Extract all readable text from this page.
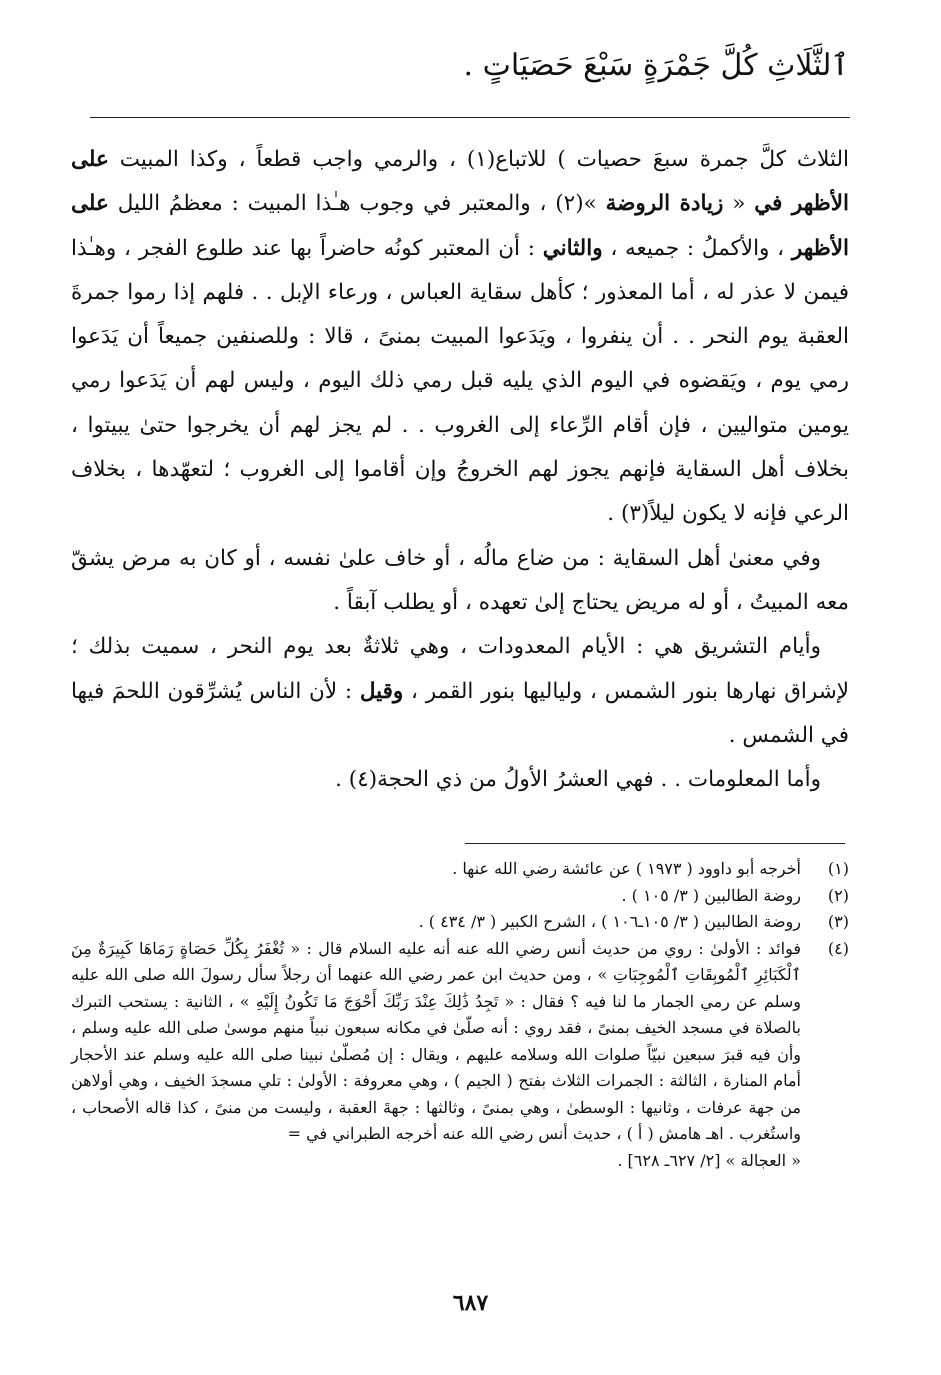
ٱلثَّلَاثِ كُلَّ جَمْرَةٍ سَبْعَ حَصَيَاتٍ .

الثلاث كلَّ جمرة سبعَ حصيات ) للاتباع(١) ، والرمي واجب قطعاً ، وكذا المبيت على الأظهر في « زيادة الروضة »(٢) ، والمعتبر في وجوب هـٰذا المبيت : معظمُ الليل على الأظهر ، والأكملُ : جميعه ، والثاني : أن المعتبر كونُه حاضراً بها عند طلوع الفجر ، وهـٰذا فيمن لا عذر له ، أما المعذور ؛ كأهل سقاية العباس ، ورعاء الإبل . . فلهم إذا رموا جمرةَ العقبة يوم النحر . . أن ينفروا ، ويَدَعوا المبيت بمنىً ، قالا : وللصنفين جميعاً أن يَدَعوا رمي يوم ، ويَقضوه في اليوم الذي يليه قبل رمي ذلك اليوم ، وليس لهم أن يَدَعوا رمي يومين متواليين ، فإن أقام الرِّعاء إلى الغروب . . لم يجز لهم أن يخرجوا حتىٰ يبيتوا ، بخلاف أهل السقاية فإنهم يجوز لهم الخروجُ وإن أقاموا إلى الغروب ؛ لتعهّدها ، بخلاف الرعي فإنه لا يكون ليلاً(٣) .

وفي معنىٰ أهل السقاية : من ضاع مالُه ، أو خاف علىٰ نفسه ، أو كان به مرض يشقّ معه المبيتُ ، أو له مريض يحتاج إلىٰ تعهده ، أو يطلب آبقاً .

وأيام التشريق هي : الأيام المعدودات ، وهي ثلاثةٌ بعد يوم النحر ، سميت بذلك ؛ لإشراق نهارها بنور الشمس ، ولياليها بنور القمر ، وقيل : لأن الناس يُشرِّقون اللحمَ فيها في الشمس .

وأما المعلومات . . فهي العشرُ الأولُ من ذي الحجة(٤) .

(١)
أخرجه أبو داوود ( ١٩٧٣ ) عن عائشة رضي الله عنها .
(٢)
روضة الطالبين ( ٣/ ١٠٥ ) .
(٣)
روضة الطالبين ( ٣/ ١٠٥ـ١٠٦ ) ، الشرح الكبير ( ٣/ ٤٣٤ ) .
(٤)
فوائد : الأولىٰ : روي من حديث أنس رضي الله عنه أنه عليه السلام قال : « تُغْفَرُ بِكُلِّ حَصَاةٍ رَمَاهَا كَبِيرَةٌ مِنَ ٱلْكَبَائِرِ ٱلْمُوبِقَاتِ ٱلْمُوجِبَاتِ » ، ومن حديث ابن عمر رضي الله عنهما أن رجلاً سأل رسولَ الله صلى الله عليه وسلم عن رمي الجمار ما لنا فيه ؟ فقال : « تَجِدُ ذَٰلِكَ عِنْدَ رَبِّكَ أَحْوَجَ مَا تَكُونُ إِلَيْهِ » ، الثانية : يستحب التبرك بالصلاة في مسجد الخيف بمنىً ، فقد روي : أنه صلّىٰ في مكانه سبعون نبياً منهم موسىٰ صلى الله عليه وسلم ، وأن فيه قبرَ سبعين نبيّاً صلوات الله وسلامه عليهم ، ويقال : إن مُصلّىٰ نبينا صلى الله عليه وسلم عند الأحجار أمام المنارة ، الثالثة : الجمرات الثلاث بفتح ( الجيم ) ، وهي معروفة : الأولىٰ : تلي مسجدَ الخيف ، وهي أولاهن من جهة عرفات ، وثانيها : الوسطىٰ ، وهي بمنىً ، وثالثها : جهةَ العقبة ، وليست من منىً ، كذا قاله الأصحاب ، واستُغرب . اهـ هامش ( أ ) ، حديث أنس رضي الله عنه أخرجه الطبراني في =
« العجالة » [٢/ ٦٢٧ـ ٦٢٨] .
٦٨٧
